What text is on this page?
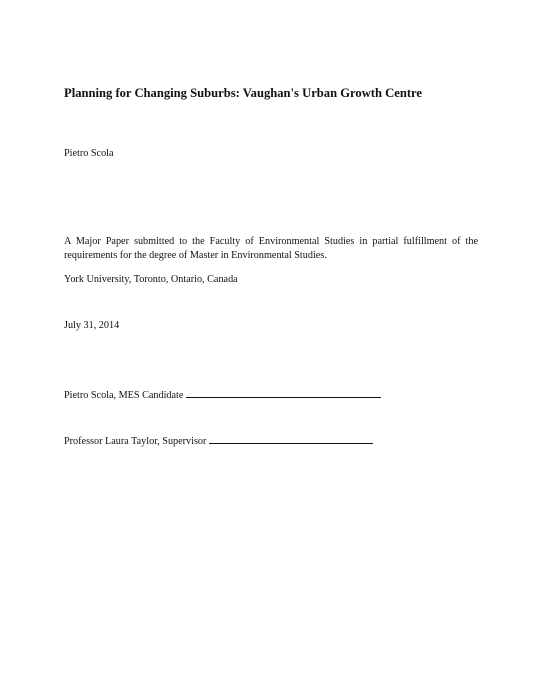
Planning for Changing Suburbs: Vaughan's Urban Growth Centre
Pietro Scola
A Major Paper submitted to the Faculty of Environmental Studies in partial fulfillment of the requirements for the degree of Master in Environmental Studies.
York University, Toronto, Ontario, Canada
July 31, 2014
Pietro Scola, MES Candidate
Professor Laura Taylor, Supervisor
